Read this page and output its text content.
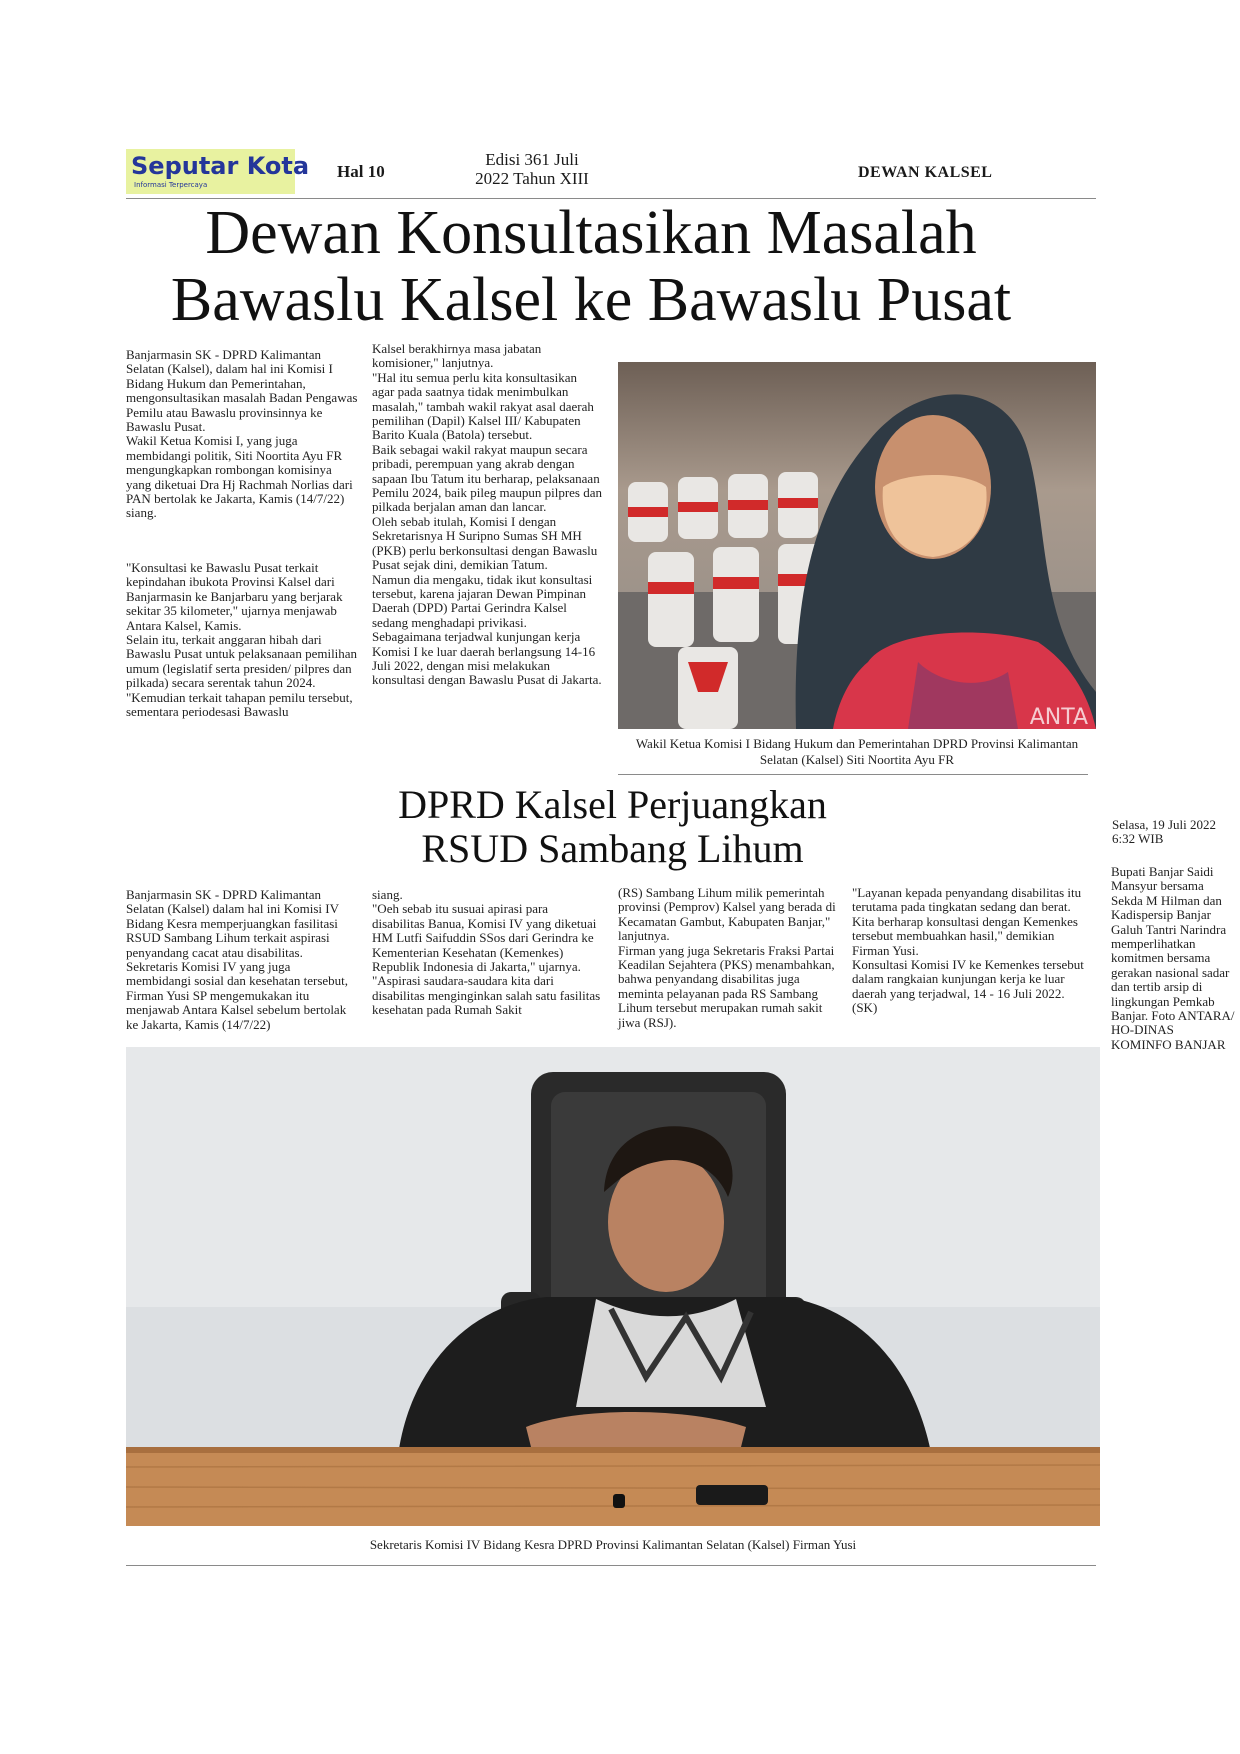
Seputar Kota
Informasi Terpercaya
Hal 10
Edisi 361 Juli
2022 Tahun XIII	DEWAN KALSEL
Dewan Konsultasikan Masalah
Bawaslu Kalsel ke Bawaslu Pusat

Banjarmasin SK - DPRD Kalimantan Selatan (Kalsel), dalam hal ini Komisi I Bidang Hukum dan Pemerintahan, mengonsultasikan masalah Badan Pengawas Pemilu atau Bawaslu provinsinnya ke Bawaslu Pusat.

Wakil Ketua Komisi I, yang juga membidangi politik, Siti Noortita Ayu FR mengungkapkan rombongan komisinya yang diketuai Dra Hj Rachmah Norlias dari PAN bertolak ke Jakarta, Kamis (14/7/22) siang.

"Konsultasi ke Bawaslu Pusat terkait kepindahan ibukota Provinsi Kalsel dari Banjarmasin ke Banjarbaru yang berjarak sekitar 35 kilometer," ujarnya menjawab Antara Kalsel, Kamis.

Selain itu, terkait anggaran hibah dari Bawaslu Pusat untuk pelaksanaan pemilihan umum (legislatif serta presiden/ pilpres dan pilkada) secara serentak tahun 2024.

"Kemudian terkait tahapan pemilu tersebut, sementara periodesasi Bawaslu

Kalsel berakhirnya masa jabatan komisioner," lanjutnya.

"Hal itu semua perlu kita konsultasikan agar pada saatnya tidak menimbulkan masalah," tambah wakil rakyat asal daerah pemilihan (Dapil) Kalsel III/ Kabupaten Barito Kuala (Batola) tersebut.

Baik sebagai wakil rakyat maupun secara pribadi, perempuan yang akrab dengan sapaan Ibu Tatum itu berharap, pelaksanaan Pemilu 2024, baik pileg maupun pilpres dan pilkada berjalan aman dan lancar.

Oleh sebab itulah, Komisi I dengan Sekretarisnya H Suripno Sumas SH MH (PKB) perlu berkonsultasi dengan Bawaslu Pusat sejak dini, demikian Tatum.

Namun dia mengaku, tidak ikut konsultasi tersebut, karena jajaran Dewan Pimpinan Daerah (DPD) Partai Gerindra Kalsel sedang menghadapi privikasi.

Sebagaimana terjadwal kunjungan kerja Komisi I ke luar daerah berlangsung 14-16 Juli 2022, dengan misi melakukan konsultasi dengan Bawaslu Pusat di Jakarta.

ANTA
Wakil Ketua Komisi I Bidang Hukum dan Pemerintahan DPRD Provinsi Kalimantan Selatan (Kalsel) Siti Noortita Ayu FR
DPRD Kalsel Perjuangkan
RSUD Sambang Lihum

Banjarmasin SK - DPRD Kalimantan Selatan (Kalsel) dalam hal ini Komisi IV Bidang Kesra memperjuangkan fasilitasi RSUD Sambang Lihum terkait aspirasi penyandang cacat atau disabilitas.

Sekretaris Komisi IV yang juga membidangi sosial dan kesehatan tersebut, Firman Yusi SP mengemukakan itu menjawab Antara Kalsel sebelum bertolak ke Jakarta, Kamis (14/7/22)

siang.

"Oeh sebab itu susuai apirasi para disabilitas Banua, Komisi IV yang diketuai HM Lutfi Saifuddin SSos dari Gerindra ke Kementerian Kesehatan (Kemenkes) Republik Indonesia di Jakarta," ujarnya.

"Aspirasi saudara-saudara kita dari disabilitas menginginkan salah satu fasilitas kesehatan pada Rumah Sakit

(RS) Sambang Lihum milik pemerintah provinsi (Pemprov) Kalsel yang berada di Kecamatan Gambut, Kabupaten Banjar," lanjutnya.

Firman yang juga Sekretaris Fraksi Partai Keadilan Sejahtera (PKS) menambahkan, bahwa penyandang disabilitas juga meminta pelayanan pada RS Sambang Lihum tersebut merupakan rumah sakit jiwa (RSJ).

"Layanan kepada penyandang disabilitas itu terutama pada tingkatan sedang dan berat. Kita berharap konsultasi dengan Kemenkes tersebut membuahkan hasil," demikian Firman Yusi.

Konsultasi Komisi IV ke Kemenkes tersebut dalam rangkaian kunjungan kerja ke luar daerah yang terjadwal, 14 - 16 Juli 2022.

(SK)

Sekretaris Komisi IV Bidang Kesra DPRD Provinsi Kalimantan Selatan (Kalsel) Firman Yusi

Selasa, 19 Juli 2022

6:32 WIB

Bupati Banjar Saidi Mansyur bersama Sekda M Hilman dan Kadispersip Banjar Galuh Tantri Narindra memperlihatkan komitmen bersama gerakan nasional sadar dan tertib arsip di lingkungan Pemkab Banjar. Foto ANTARA/ HO-DINAS KOMINFO BANJAR
